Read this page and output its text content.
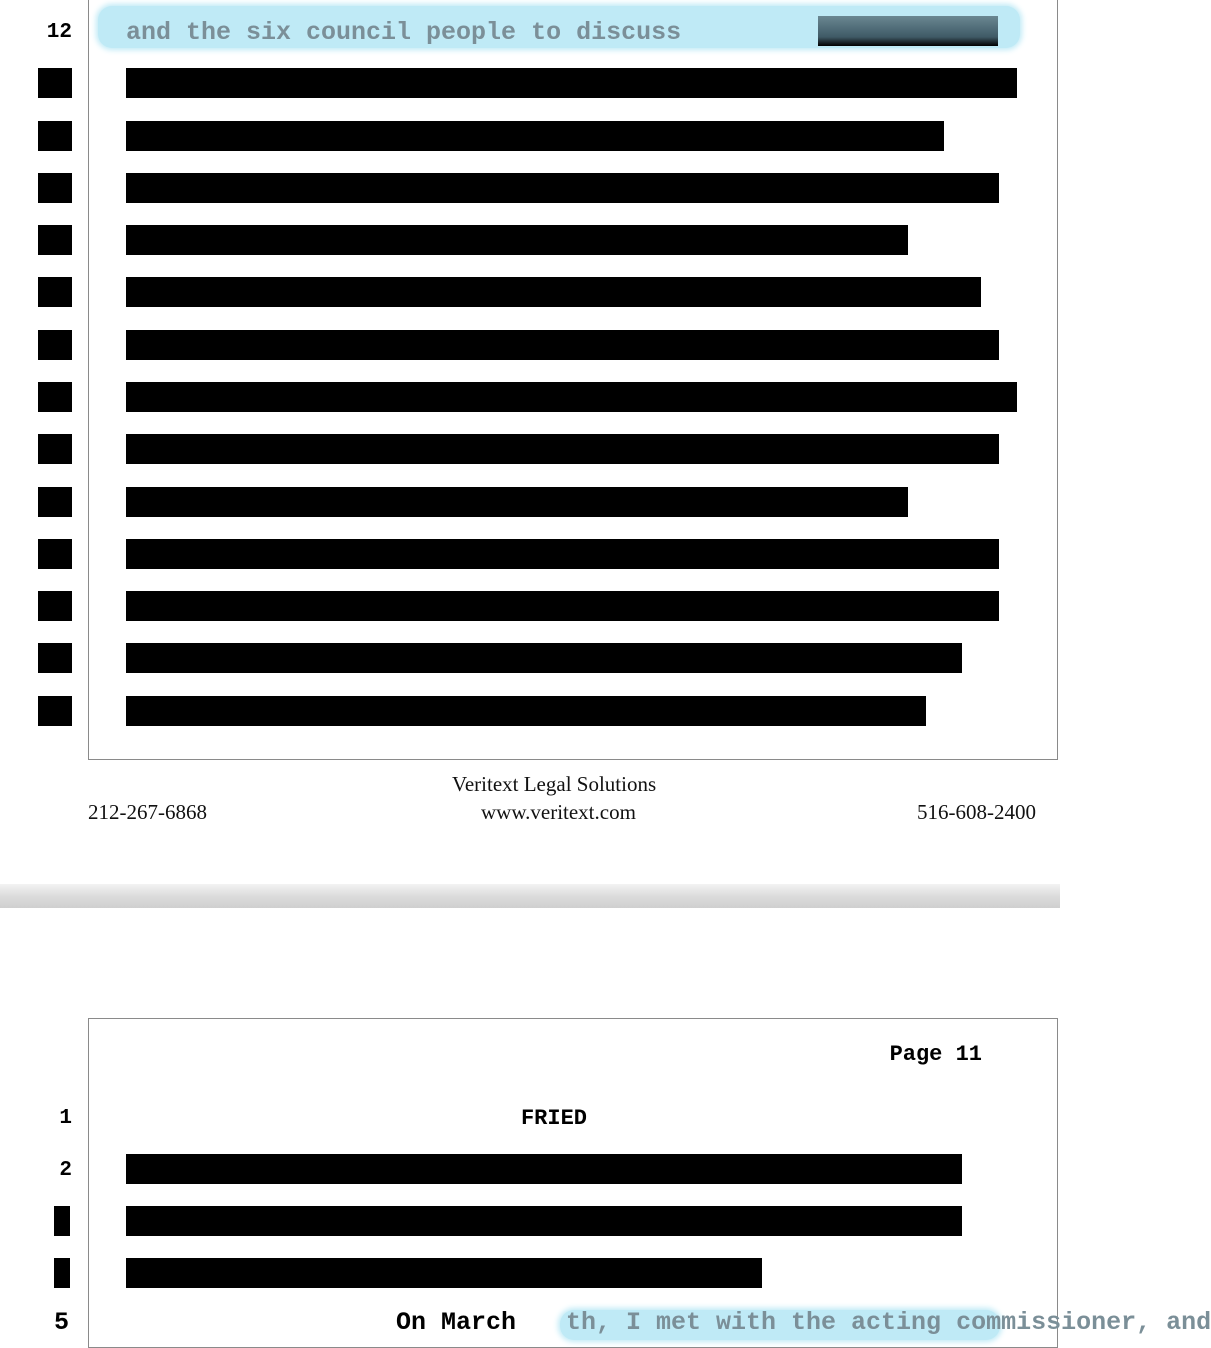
12 and the six council people to discuss
Veritext Legal Solutions
212-267-6868	www.veritext.com	516-608-2400
Page 11
1	FRIED
2
5	On March th, I met with the acting commissioner, and
